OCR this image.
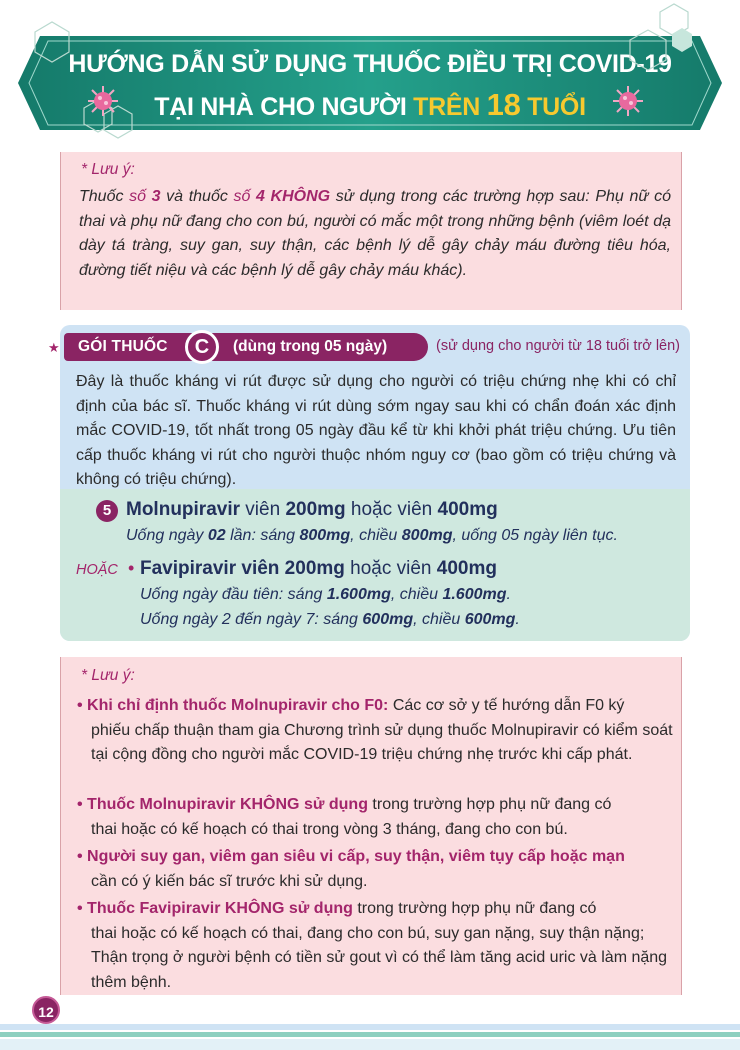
HƯỚNG DẪN SỬ DỤNG THUỐC ĐIỀU TRỊ COVID-19
TẠI NHÀ CHO NGƯỜI TRÊN 18 TUỔI
* Lưu ý:
Thuốc số 3 và thuốc số 4 KHÔNG sử dụng trong các trường hợp sau: Phụ nữ có thai và phụ nữ đang cho con bú, người có mắc một trong những bệnh (viêm loét dạ dày tá tràng, suy gan, suy thận, các bệnh lý dễ gây chảy máu đường tiêu hóa, đường tiết niệu và các bệnh lý dễ gây chảy máu khác).
★ GÓI THUỐC	C	(dùng trong 05 ngày)	(sử dụng cho người từ 18 tuổi trở lên)
Đây là thuốc kháng vi rút được sử dụng cho người có triệu chứng nhẹ khi có chỉ định của bác sĩ. Thuốc kháng vi rút dùng sớm ngay sau khi có chẩn đoán xác định mắc COVID-19, tốt nhất trong 05 ngày đầu kể từ khi khởi phát triệu chứng. Ưu tiên cấp thuốc kháng vi rút cho người thuộc nhóm nguy cơ (bao gồm có triệu chứng và không có triệu chứng).
5 Molnupiravir viên 200mg hoặc viên 400mg
Uống ngày 02 lần: sáng 800mg, chiều 800mg, uống 05 ngày liên tục.
HOẶC • Favipiravir viên 200mg hoặc viên 400mg
Uống ngày đầu tiên: sáng 1.600mg, chiều 1.600mg.
Uống ngày 2 đến ngày 7: sáng 600mg, chiều 600mg.
* Lưu ý:
• Khi chỉ định thuốc Molnupiravir cho F0: Các cơ sở y tế hướng dẫn F0 ký
phiếu chấp thuận tham gia Chương trình sử dụng thuốc Molnupiravir có kiểm soát tại cộng đồng cho người mắc COVID-19 triệu chứng nhẹ trước khi cấp phát.
• Thuốc Molnupiravir KHÔNG sử dụng trong trường hợp phụ nữ đang có
thai hoặc có kế hoạch có thai trong vòng 3 tháng, đang cho con bú.
• Người suy gan, viêm gan siêu vi cấp, suy thận, viêm tụy cấp hoặc mạn
cần có ý kiến bác sĩ trước khi sử dụng.
• Thuốc Favipiravir KHÔNG sử dụng trong trường hợp phụ nữ đang có
thai hoặc có kế hoạch có thai, đang cho con bú, suy gan nặng, suy thận nặng; Thận trọng ở người bệnh có tiền sử gout vì có thể làm tăng acid uric và làm nặng thêm bệnh.
12
